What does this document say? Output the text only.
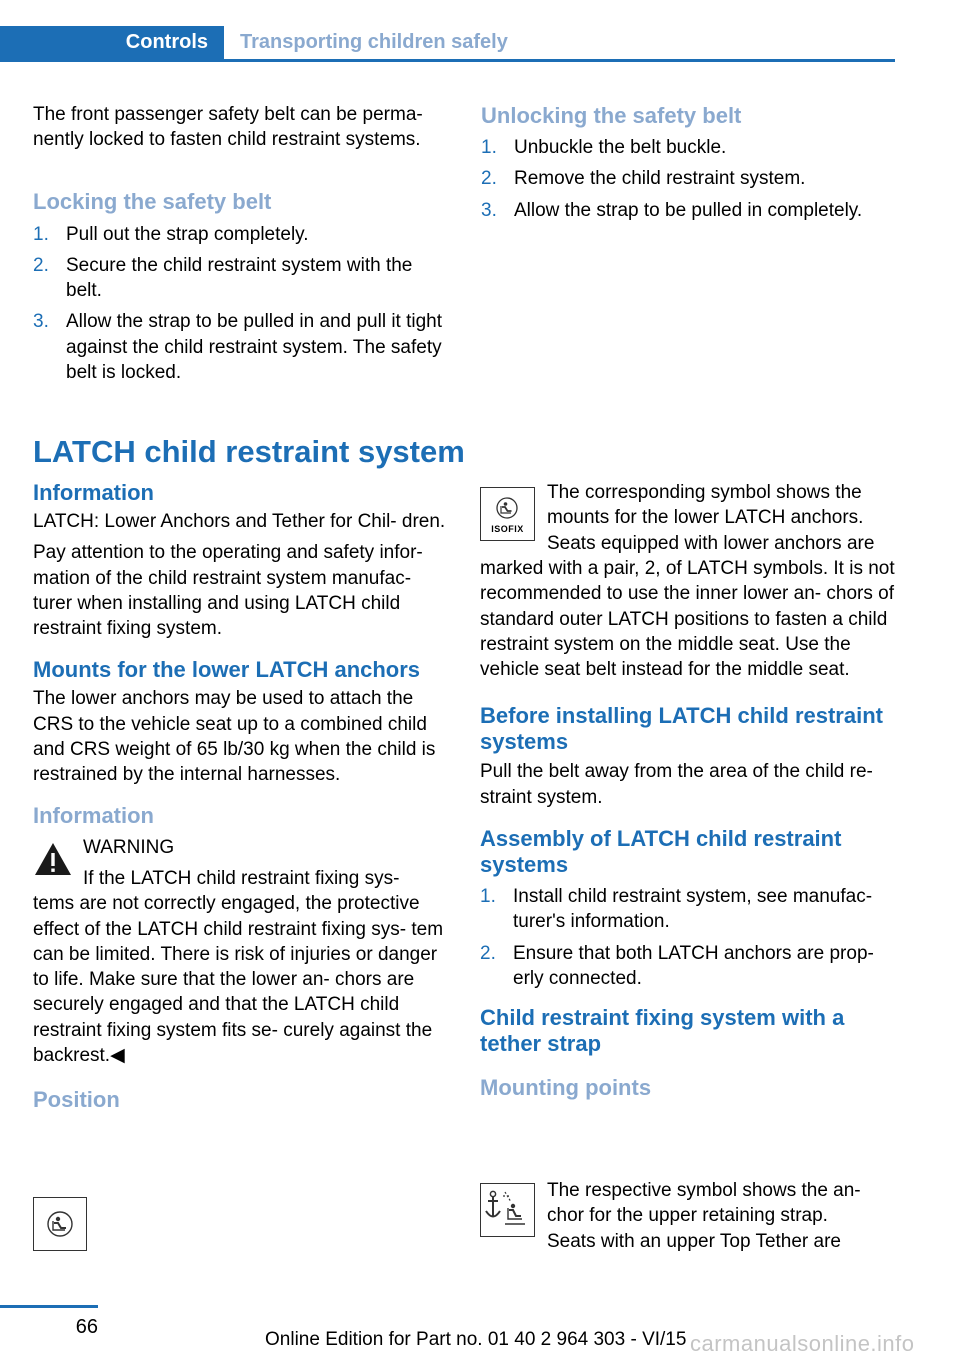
Controls	Transporting children safely

The front passenger safety belt can be perma‐ nently locked to fasten child restraint systems.

Locking the safety belt
1. Pull out the strap completely.
2. Secure the child restraint system with the belt.
3. Allow the strap to be pulled in and pull it tight against the child restraint system. The safety belt is locked.
Unlocking the safety belt
1. Unbuckle the belt buckle.
2. Remove the child restraint system.
3. Allow the strap to be pulled in completely.
LATCH child restraint system
Information

LATCH: Lower Anchors and Tether for Chil‐ dren.

Pay attention to the operating and safety infor‐ mation of the child restraint system manufac‐ turer when installing and using LATCH child restraint fixing system.

Mounts for the lower LATCH anchors

The lower anchors may be used to attach the CRS to the vehicle seat up to a combined child and CRS weight of 65 lb/30 kg when the child is restrained by the internal harnesses.

Information
WARNING
If the LATCH child restraint fixing sys‐

tems are not correctly engaged, the protective effect of the LATCH child restraint fixing sys‐ tem can be limited. There is risk of injuries or danger to life. Make sure that the lower an‐ chors are securely engaged and that the LATCH child restraint fixing system fits se‐ curely against the backrest.◀

Position
ISOFIX
The corresponding symbol shows the
mounts for the lower LATCH anchors.
Seats equipped with lower anchors are

marked with a pair, 2, of LATCH symbols. It is not recommended to use the inner lower an‐ chors of standard outer LATCH positions to fasten a child restraint system on the middle seat. Use the vehicle seat belt instead for the middle seat.

Before installing LATCH child restraint systems

Pull the belt away from the area of the child re‐ straint system.

Assembly of LATCH child restraint systems
1. Install child restraint system, see manufac‐ turer's information.
2. Ensure that both LATCH anchors are prop‐ erly connected.
Child restraint fixing system with a tether strap
Mounting points
The respective symbol shows the an‐
chor for the upper retaining strap.
Seats with an upper Top Tether are
66
Online Edition for Part no. 01 40 2 964 303 - VI/15 carmanualsonline.info
